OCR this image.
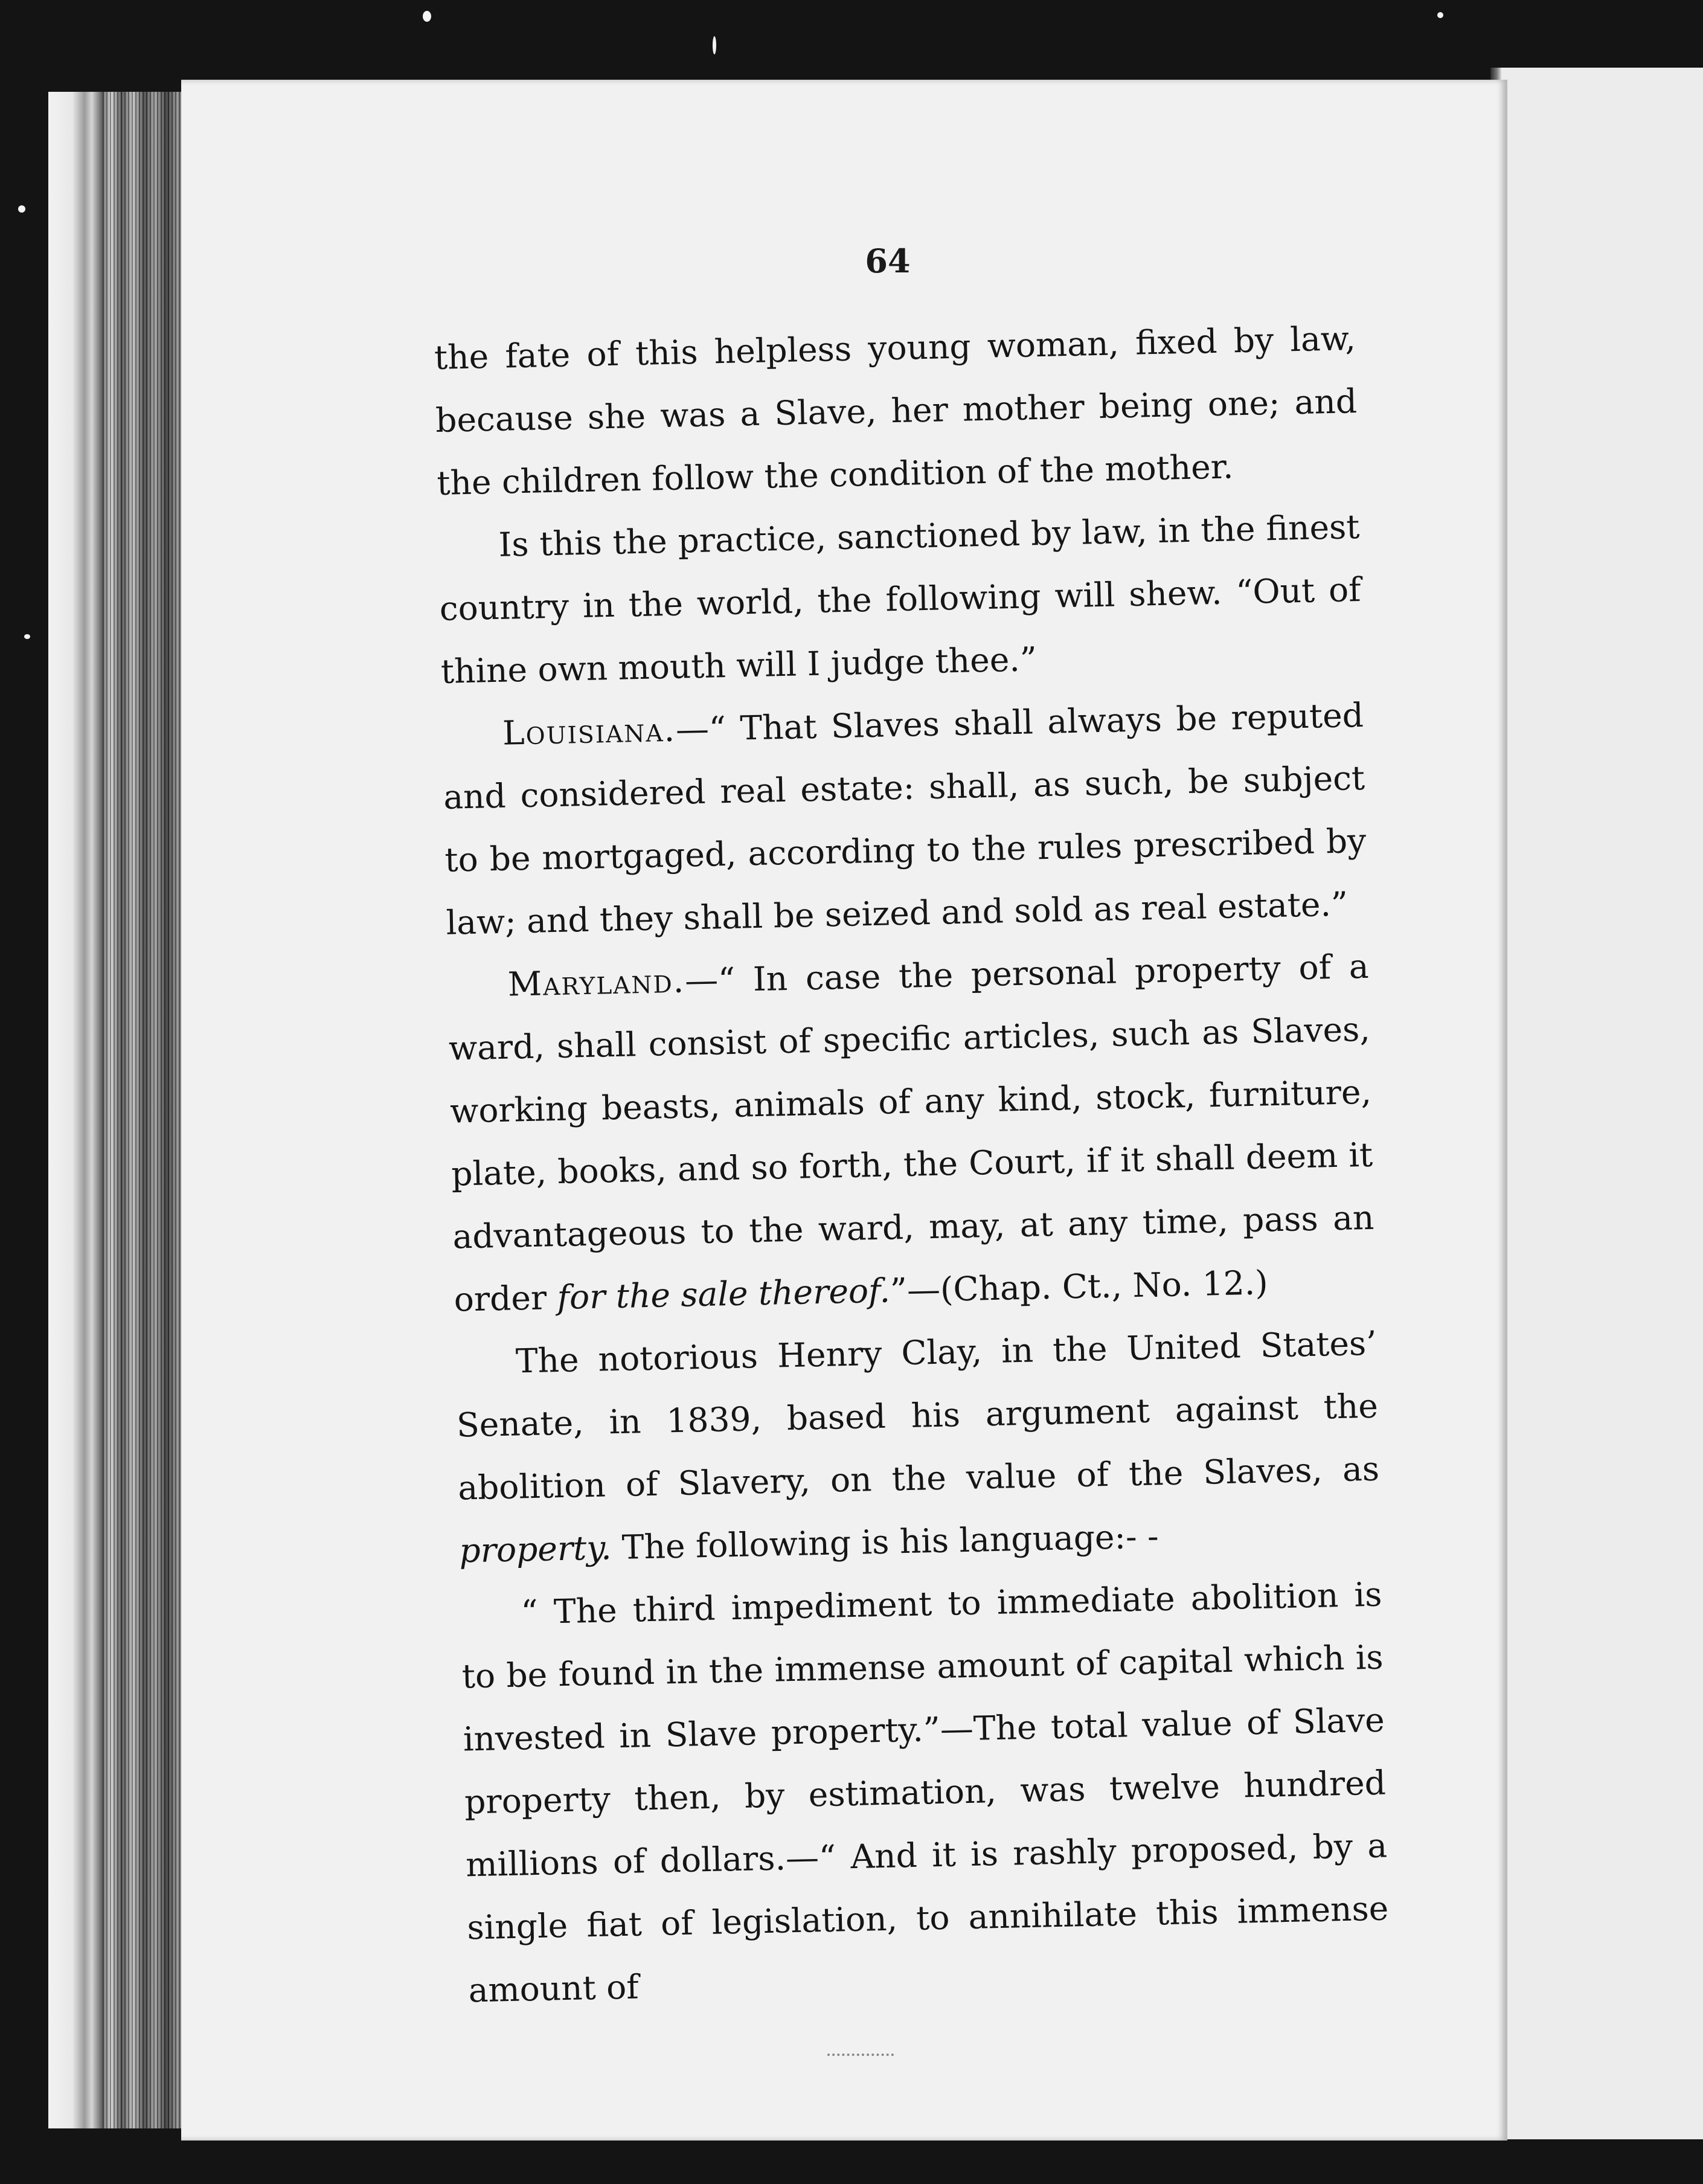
64

the fate of this helpless young woman, fixed by law, because she was a Slave, her mother being one; and the children follow the condition of the mother.

Is this the practice, sanctioned by law, in the finest country in the world, the following will shew. “Out of thine own mouth will I judge thee.”

Louisiana.—“ That Slaves shall always be reputed and considered real estate: shall, as such, be subject to be mortgaged, according to the rules prescribed by law; and they shall be seized and sold as real estate.”

Maryland.—“ In case the personal property of a ward, shall consist of specific articles, such as Slaves, working beasts, animals of any kind, stock, furniture, plate, books, and so forth, the Court, if it shall deem it advantageous to the ward, may, at any time, pass an order for the sale thereof.”—(Chap. Ct., No. 12.)

The notorious Henry Clay, in the United States’ Senate, in 1839, based his argument against the abolition of Slavery, on the value of the Slaves, as property. The following is his language:- -

“ The third impediment to immediate abolition is to be found in the immense amount of capital which is invested in Slave property.”—The total value of Slave property then, by estimation, was twelve hundred millions of dollars.—“ And it is rashly proposed, by a single fiat of legislation, to annihilate this immense amount of
